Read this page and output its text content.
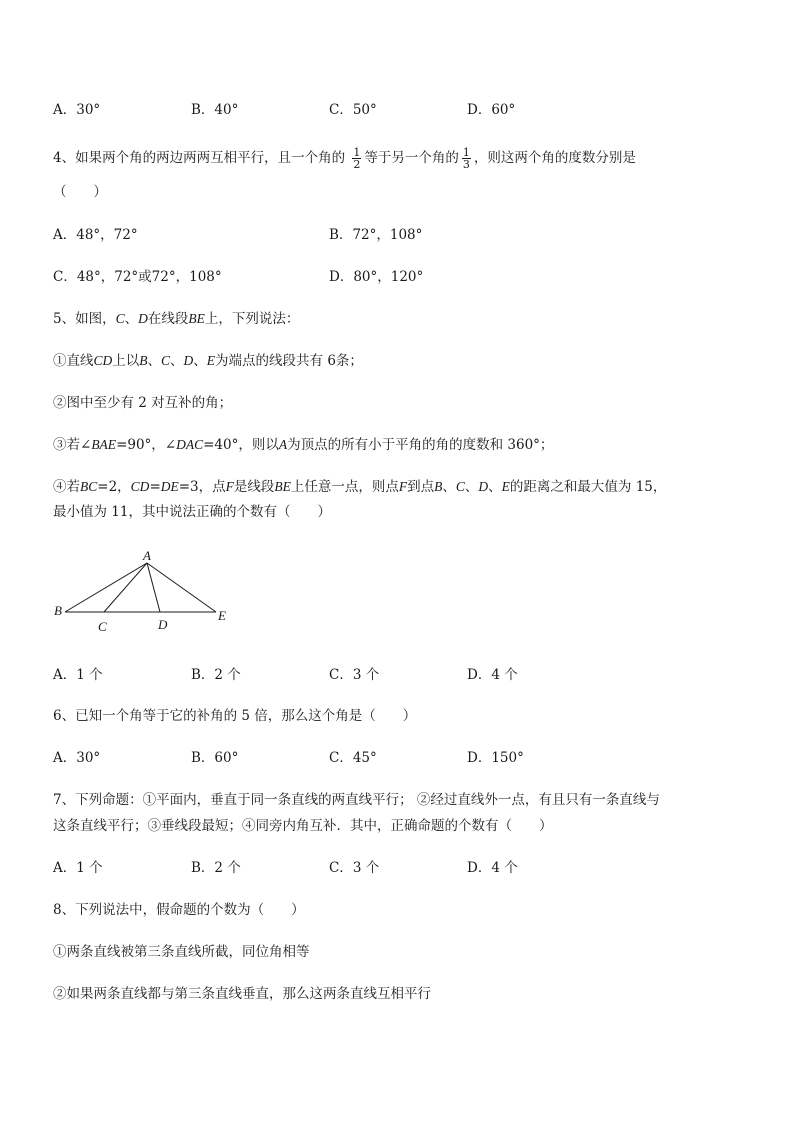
A．30°	B．40°	C．50°	D．60°
4、如果两个角的两边两两互相平行，且一个角的 $\frac{1}{2}$ 等于另一个角的 $\frac{1}{3}$ ，则这两个角的度数分别是
（　　）
A．48°，72°	B．72°，108°
C．48°，72°或72°，108°	D．80°，120°
5、如图，C、D在线段BE上，下列说法：
①直线CD上以B、C、D、E为端点的线段共有 6条；
②图中至少有 2 对互补的角；
③若∠BAE=90°，∠DAC=40°，则以A为顶点的所有小于平角的角的度数和 360°；
④若BC=2，CD=DE=3，点F是线段BE上任意一点，则点F到点B、C、D、E的距离之和最大值为 15，
最小值为 11，其中说法正确的个数有（　　）
A
B
C	D
E
A．1 个	B．2 个	C．3 个	D．4 个
6、已知一个角等于它的补角的 5 倍，那么这个角是（　　）
A．30°	B．60°	C．45°	D．150°
7、下列命题：①平面内，垂直于同一条直线的两直线平行； ②经过直线外一点，有且只有一条直线与
这条直线平行；③垂线段最短；④同旁内角互补．其中，正确命题的个数有（　　）
A．1 个	B．2 个	C．3 个	D．4 个
8、下列说法中，假命题的个数为（　　）
①两条直线被第三条直线所截，同位角相等
②如果两条直线都与第三条直线垂直，那么这两条直线互相平行
